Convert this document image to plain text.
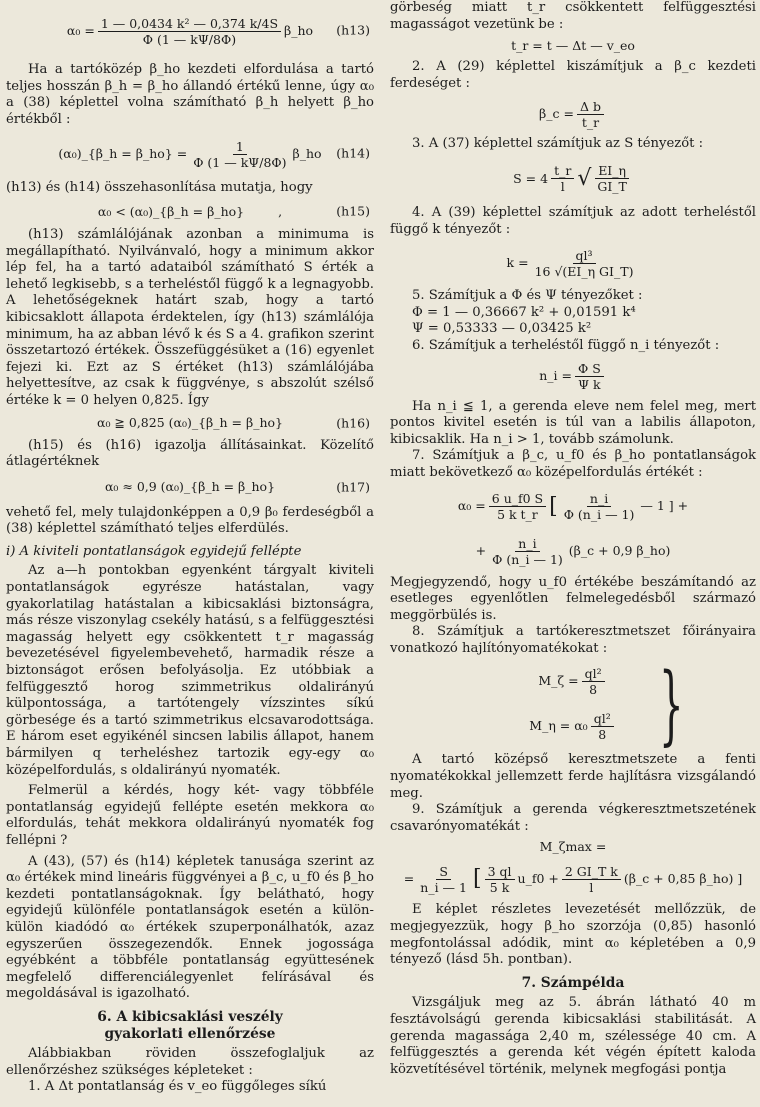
$\alpha_0 = \frac{\text{1 — 0,0434 k² — 0,374 k/4S}}{\Phi (1 — k\Psi/8\Phi)}$ β_ho (h13)

Ha a tartóközép β_ho kezdeti elfordulása a tartó teljes hosszán β_h = β_ho állandó értékű lenne, úgy α₀ a (38) képlettel volna számítható β_h helyett β_ho értékből :

(α₀)_{β_h = β_ho} = $\frac{1}{\Phi (1 — k\Psi/8\Phi)}$ β_ho (h14)

(h13) és (h14) összehasonlítása mutatja, hogy

α₀ < (α₀)_{β_h = β_ho}	,	(h15)

(h13) számlálójának azonban a minimuma is megállapítható. Nyilvánvaló, hogy a minimum akkor lép fel, ha a tartó adataiból számítható S érték a lehető legkisebb, s a terheléstől függő k a legnagyobb. A lehetőségeknek határt szab, hogy a tartó kibicsaklott állapota érdektelen, így (h13) számlálója minimum, ha az abban lévő k és S a 4. grafikon szerint összetartozó értékek. Összefüggésüket a (16) egyenlet fejezi ki. Ezt az S értéket (h13) számlálójába helyettesítve, az csak k függvénye, s abszolút szélső értéke k = 0 helyen 0,825. Így

α₀ ≧ 0,825 (α₀)_{β_h = β_ho}	(h16)

(h15) és (h16) igazolja állításainkat. Közelítő átlagértéknek

α₀ ≈ 0,9 (α₀)_{β_h = β_ho}	(h17)

vehető fel, mely tulajdonképpen a 0,9 β₀ ferdeségből a (38) képlettel számítható teljes elferdülés.

i) A kiviteli pontatlanságok egyidejű fellépte

Az a—h pontokban egyenként tárgyalt kiviteli pontatlanságok egyrésze hatástalan, vagy gyakorlatilag hatástalan a kibicsaklási biztonságra, más része viszonylag csekély hatású, s a felfüggesztési magasság helyett egy csökkentett t_r magasság bevezetésével figyelembevehető, harmadik része a biztonságot erősen befolyásolja. Ez utóbbiak a felfüggesztő horog szimmetrikus oldalirányú külpontossága, a tartótengely vízszintes síkú görbesége és a tartó szimmetrikus elcsavarodottsága. E három eset egyikénél sincsen labilis állapot, hanem bármilyen q terheléshez tartozik egy-egy α₀ középelfordulás, s oldalirányú nyomaték.

Felmerül a kérdés, hogy két- vagy többféle pontatlanság egyidejű fellépte esetén mekkora α₀ elfordulás, tehát mekkora oldalirányú nyomaték fog fellépni ?

A (43), (57) és (h14) képletek tanusága szerint az α₀ értékek mind lineáris függvényei a β_c, u_f0 és β_ho kezdeti pontatlanságoknak. Így belátható, hogy egyidejű különféle pontatlanságok esetén a külön-külön kiadódó α₀ értékek szuperponálhatók, azaz egyszerűen összegezendők. Ennek jogossága egyébként a többféle pontatlanság együttesének megfelelő differenciálegyenlet felírásával és megoldásával is igazolható.

6. A kibicsaklási veszély gyakorlati ellenőrzése

Alábbiakban röviden összefoglaljuk az ellenőrzéshez szükséges képleteket :

1. A Δt pontatlanság és v_eo függőleges síkú

görbeség miatt t_r csökkentett felfüggesztési magasságot vezetünk be :

t_r = t — Δt — v_eo

2. A (29) képlettel kiszámítjuk a β_c kezdeti ferdeséget :

β_c = $\frac{\text{Δ b}}{t\_r}$

3. A (37) képlettel számítjuk az S tényezőt :

$S = 4 \frac{t\_r}{l}$ √ $\frac{EI\_\eta}{GI\_T}$

4. A (39) képlettel számítjuk az adott terheléstől függő k tényezőt :

$k = \frac{\text{ql³}}{\text{16 √(EI\_η GI\_T)}}$

5. Számítjuk a Φ és Ψ tényezőket :

Φ = 1 — 0,36667 k² + 0,01591 k⁴

Ψ = 0,53333 — 0,03425 k²

6. Számítjuk a terheléstől függő n_i tényezőt :

n_i = $\frac{\text{Φ S}}{\text{Ψ k}}$

Ha n_i ≦ 1, a gerenda eleve nem felel meg, mert pontos kivitel esetén is túl van a labilis állapoton, kibicsaklik. Ha n_i > 1, tovább számolunk.

7. Számítjuk a β_c, u_f0 és β_ho pontatlanságok miatt bekövetkező α₀ középelfordulás értékét :

$\alpha_0 = \frac{6 u\_f0 S}{\text{5 k t\_r}}$ [ $\frac{n\_i}{\Phi (n\_i — 1)}$ — 1 ] +
+ $\frac{n\_i}{\Phi (n\_i — 1)}$ (β_c + 0,9 β_ho)

Megjegyzendő, hogy u_f0 értékébe beszámítandó az esetleges egyenlőtlen felmelegedésből származó meggörbülés is.

8. Számítjuk a tartókeresztmetszet főirányaira vonatkozó hajlítónyomatékokat :

M_ζ = $\frac{\text{ql²}}{8}$
M_η = $\alpha_0 \frac{\text{ql²}}{8}$ }

A tartó középső keresztmetszete a fenti nyomatékokkal jellemzett ferde hajlításra vizsgálandó meg.

9. Számítjuk a gerenda végkeresztmetszetének csavarónyomatékát :

M_ζmax =
= $\frac{S}{n\_i — 1}$ [ $\frac{3 ql}{5 k}$ u_f0 + $\frac{\text{2 GI\_T k}}{l}$ (β_c + 0,85 β_ho) ]

E képlet részletes levezetését mellőzzük, de megjegyezzük, hogy β_ho szorzója (0,85) hasonló megfontolással adódik, mint α₀ képletében a 0,9 tényező (lásd 5h. pontban).

7. Számpélda

Vizsgáljuk meg az 5. ábrán látható 40 m fesztávolságú gerenda kibicsaklási stabilitását. A gerenda magassága 2,40 m, szélessége 40 cm. A felfüggesztés a gerenda két végén épített kaloda közvetítésével történik, melynek megfogási pontja
